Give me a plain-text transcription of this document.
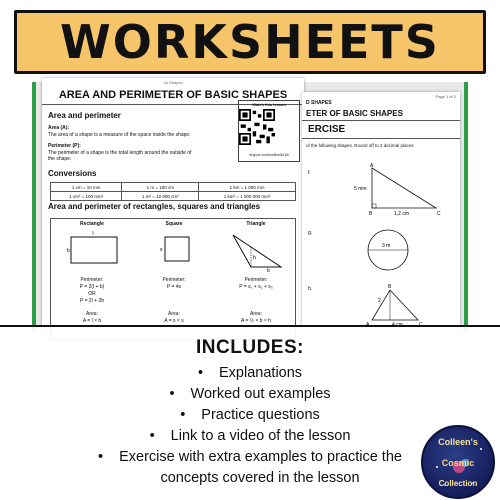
WORKSHEETS
1A Shapes
AREA AND PERIMETER OF BASIC SHAPES
Watch this lesson
tinyurl.com/ccBm3v18
Area and perimeter
Area (A):
The area of a shape is a measure of the space inside the shape.
Perimeter (P):
The perimeter of a shape is the total length around the outside of the shape.
Conversions
1 cm = 10 mm	1 m = 100 cm	1 km = 1 000 mm
1 cm² = 100 mm²	1 m² = 10 000 cm²	1 km² = 1 000 000 mm²
Area and perimeter of rectangles, squares and triangles
Rectangle
l
b
Perimeter:
P = 2(l + b)
OR
P = 2l + 2b
Area:
A = l × b
Square
s
Perimeter:
P = 4s
Area:
A = s × s
Triangle
b
h
Perimeter:
P = s₁ + s₂ + s₃
Area:
A = ½ × b × h
Page 1 of 2
D SHAPES
ETER OF BASIC SHAPES
ERCISE
of the following shapes. Round off to 2 decimal places
f.
A
B	C
5 mm
1,2 cm
g.
3 m
h.	B
2
INCLUDES:
• Explanations
• Worked out examples
• Practice questions
• Link to a video of the lesson
• Exercise with extra examples to practice the
concepts covered in the lesson
Colleen's
Cosmic
Collection
